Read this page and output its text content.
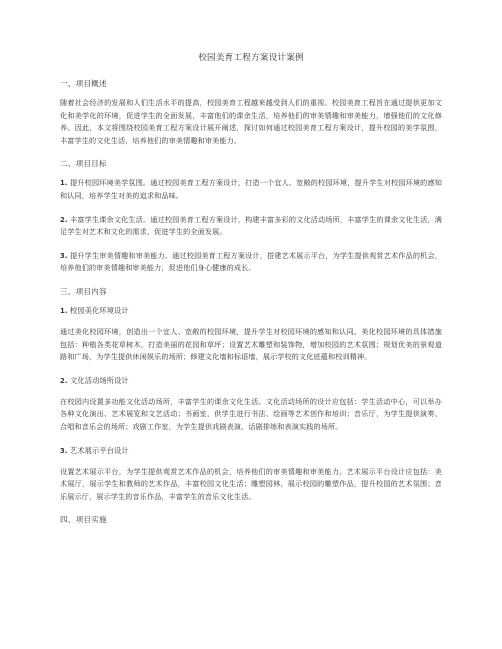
校园美育工程方案设计案例
一、项目概述

随着社会经济的发展和人们生活水平的提高，校园美育工程越来越受到人们的重视。校园美育工程旨在通过提供更加文化和美学化的环境，促进学生的全面发展，丰富他们的课余生活，培养他们的审美情趣和审美能力，增强他们的文化修养。因此，本文将围绕校园美育工程方案设计展开阐述，探讨如何通过校园美育工程方案设计，提升校园的美学氛围，丰富学生的文化生活，培养他们的审美情趣和审美能力。

二、项目目标

1. 提升校园环境美学氛围。通过校园美育工程方案设计，打造一个宜人、宽敞的校园环境，提升学生对校园环境的感知和认同，培养学生对美的追求和品味。

2. 丰富学生课余文化生活。通过校园美育工程方案设计，构建丰富多彩的文化活动场所，丰富学生的课余文化生活，满足学生对艺术和文化的需求，促进学生的全面发展。

3. 提升学生审美情趣和审美能力。通过校园美育工程方案设计，搭建艺术展示平台，为学生提供观赏艺术作品的机会，培养他们的审美情趣和审美能力，促进他们身心健康的成长。

三、项目内容
1. 校园美化环境设计

通过美化校园环境，创造出一个宜人、宽敞的校园环境，提升学生对校园环境的感知和认同。美化校园环境的具体措施包括：种植各类花草树木，打造美丽的花园和草坪；设置艺术雕塑和装饰物，增加校园的艺术氛围；规划优美的景观道路和广场，为学生提供休闲娱乐的场所；修建文化墙和标语墙，展示学校的文化底蕴和校训精神。

2. 文化活动场所设计

在校园内设置多功能文化活动场所，丰富学生的课余文化生活。文化活动场所的设计应包括：学生活动中心，可以举办各种文化演出、艺术展览和文艺活动；书画室，供学生进行书法、绘画等艺术创作和培训；音乐厅，为学生提供演奏、合唱和音乐会的场所；戏剧工作室，为学生提供戏剧表演、话剧排练和表演实践的场所。

3. 艺术展示平台设计

设置艺术展示平台，为学生提供观赏艺术作品的机会，培养他们的审美情趣和审美能力。艺术展示平台设计应包括：美术展厅，展示学生和教师的艺术作品，丰富校园文化生活；雕塑园林，展示校园的雕塑作品，提升校园的艺术氛围；音乐展示厅，展示学生的音乐作品，丰富学生的音乐文化生活。

四、项目实施
